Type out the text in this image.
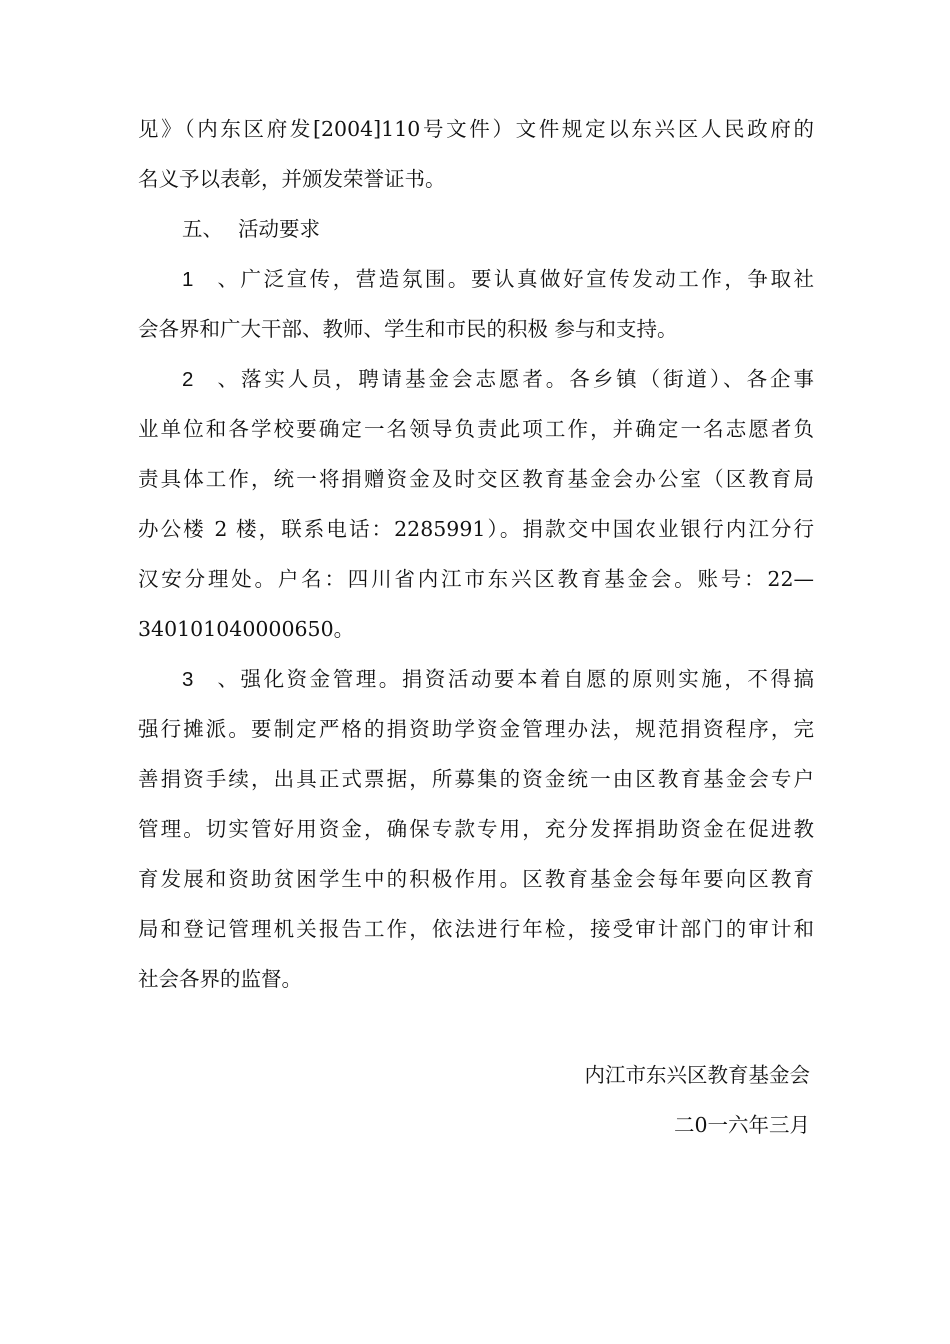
见》（内东区府发[2004]110号文件）文件规定以东兴区人民政府的
名义予以表彰，并颁发荣誉证书。
五、 活动要求
1、广泛宣传，营造氛围。要认真做好宣传发动工作，争取社
会各界和广大干部、教师、学生和市民的积极 参与和支持。
2、落实人员，聘请基金会志愿者。各乡镇（街道）、各企事
业单位和各学校要确定一名领导负责此项工作，并确定一名志愿者负
责具体工作，统一将捐赠资金及时交区教育基金会办公室（区教育局
办公楼 2 楼，联系电话：2285991）。捐款交中国农业银行内江分行
汉安分理处。户名：四川省内江市东兴区教育基金会。账号：22—
340101040000650。
3、强化资金管理。捐资活动要本着自愿的原则实施，不得搞
强行摊派。要制定严格的捐资助学资金管理办法，规范捐资程序，完
善捐资手续，出具正式票据，所募集的资金统一由区教育基金会专户
管理。切实管好用资金，确保专款专用，充分发挥捐助资金在促进教
育发展和资助贫困学生中的积极作用。区教育基金会每年要向区教育
局和登记管理机关报告工作，依法进行年检，接受审计部门的审计和
社会各界的监督。
内江市东兴区教育基金会
二0一六年三月
